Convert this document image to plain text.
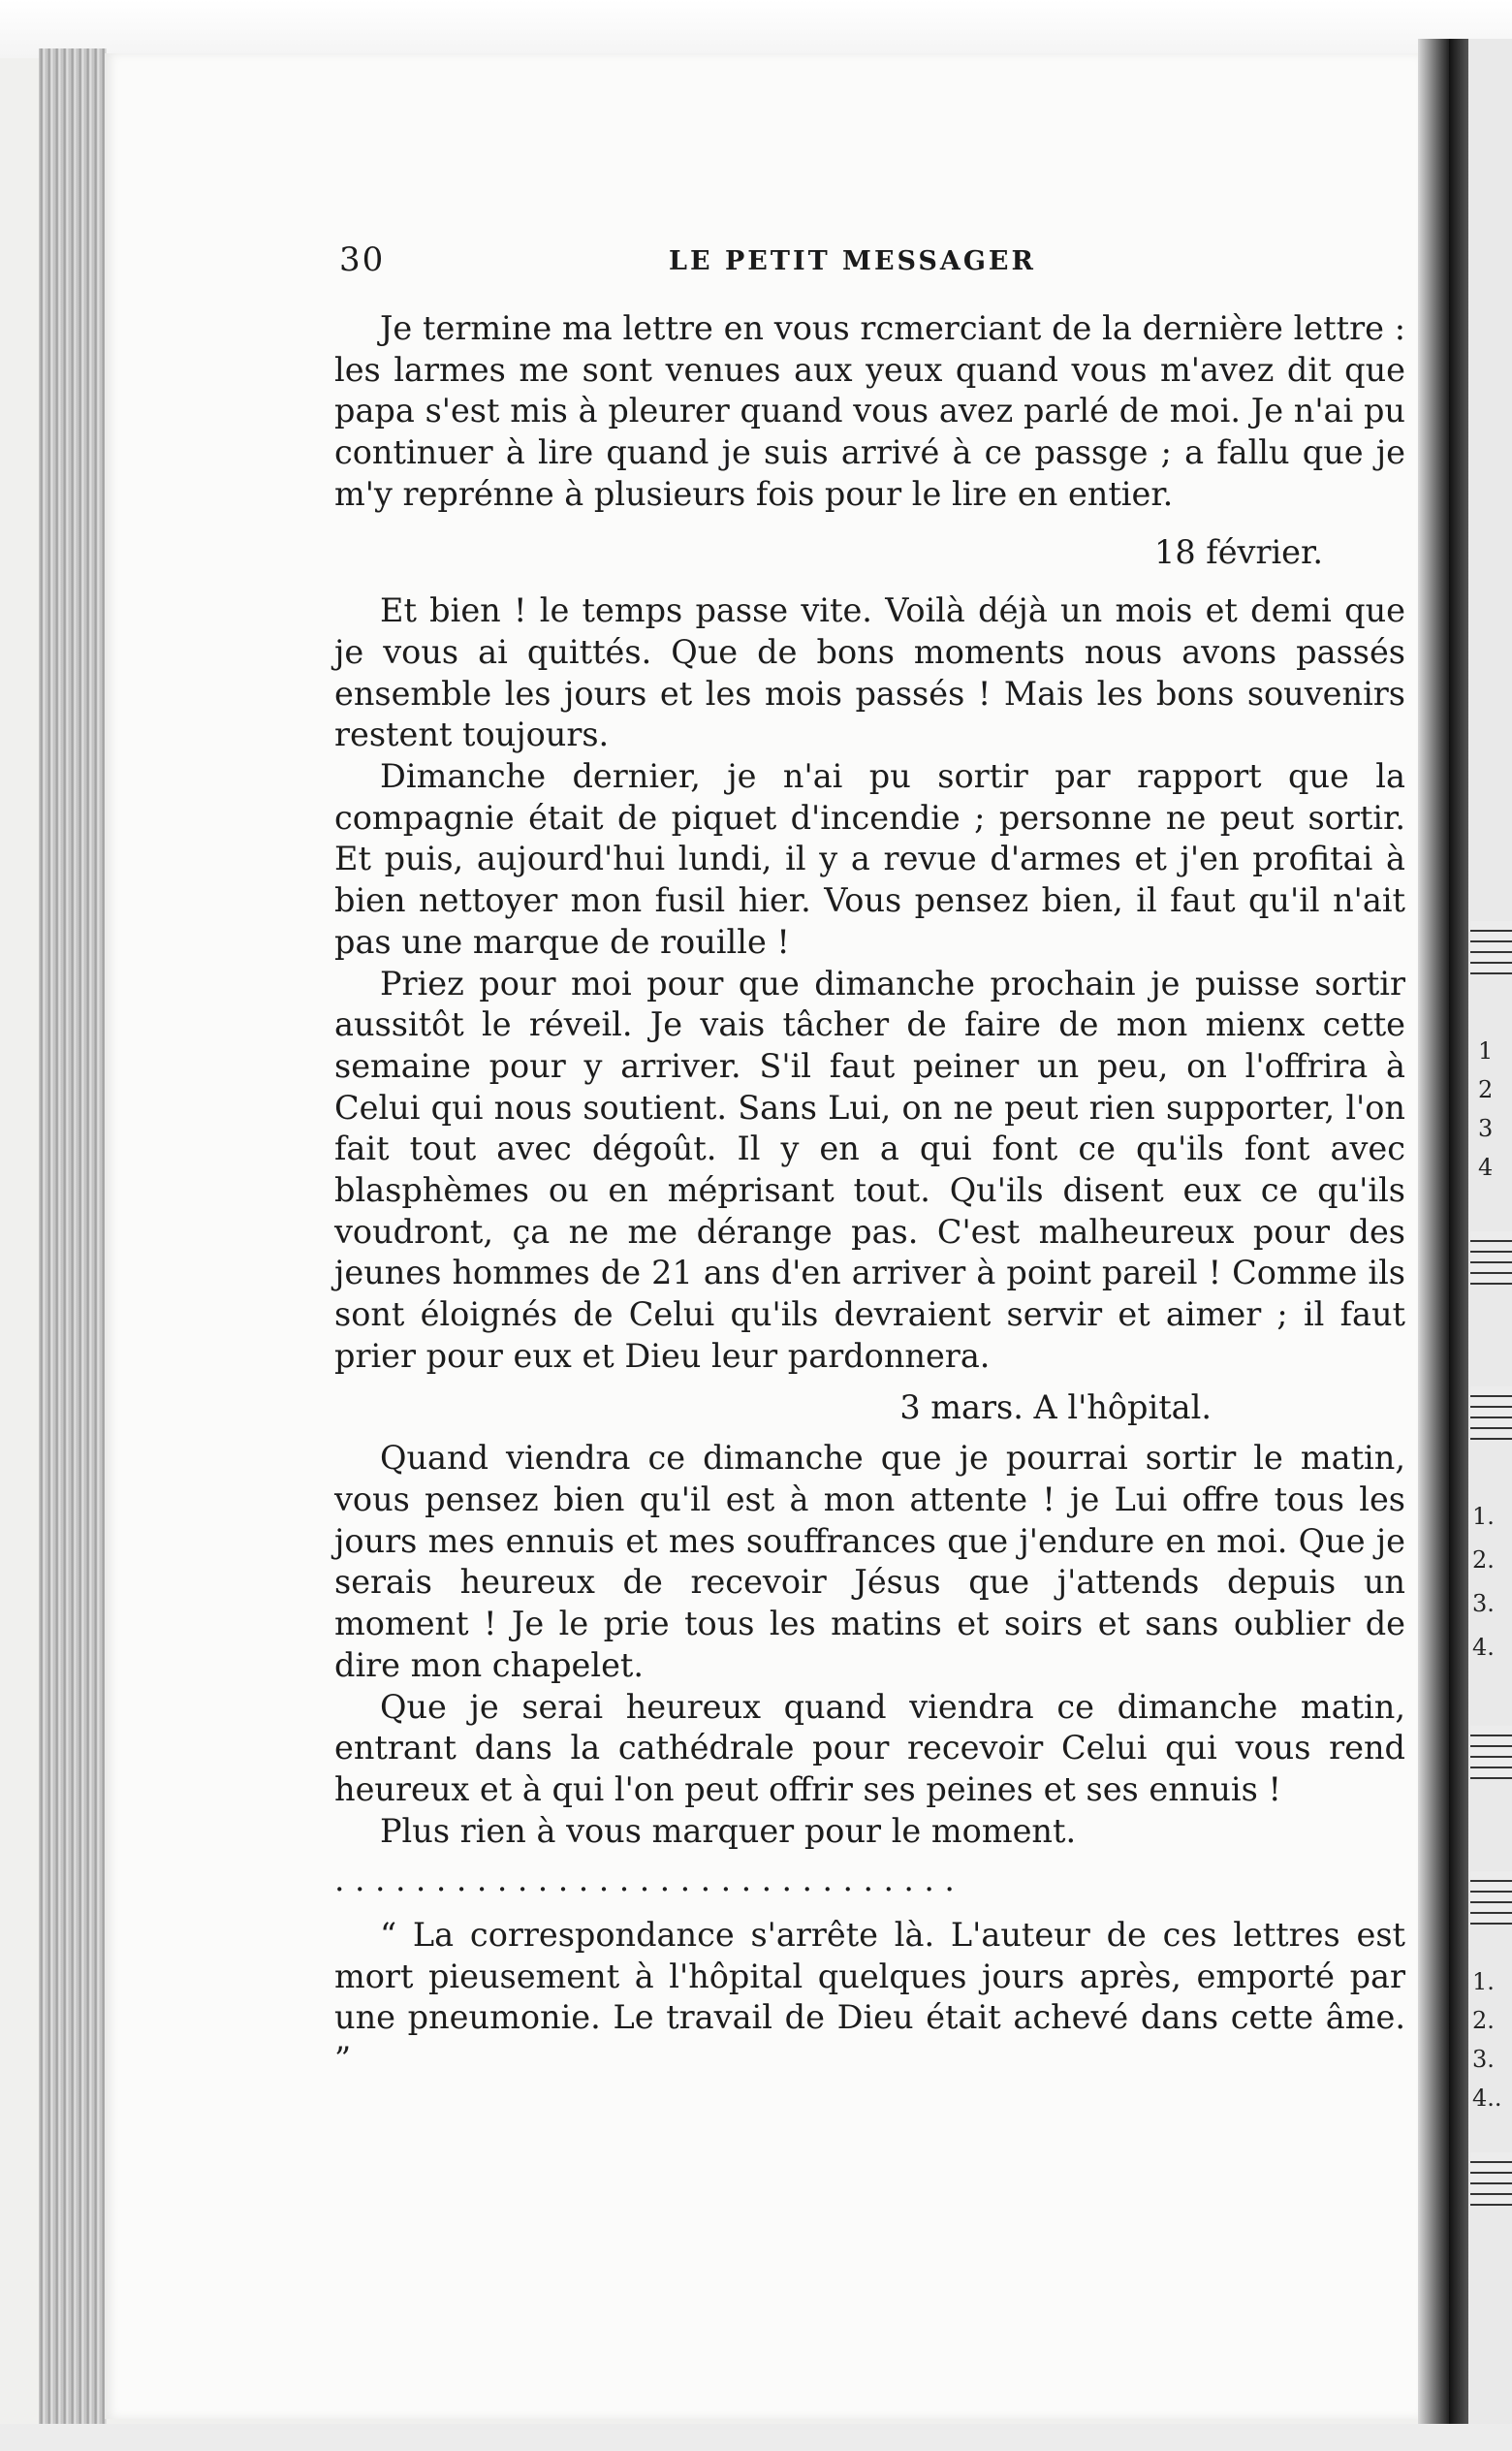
1
2
3
4
1.
2.
3.
4.
1.
2.
3.
4..
30	LE PETIT MESSAGER

Je termine ma lettre en vous rcmerciant de la dernière lettre : les larmes me sont venues aux yeux quand vous m'avez dit que papa s'est mis à pleurer quand vous avez parlé de moi. Je n'ai pu continuer à lire quand je suis arrivé à ce passge ; a fallu que je m'y reprénne à plusieurs fois pour le lire en entier.

18 février.

Et bien ! le temps passe vite. Voilà déjà un mois et demi que je vous ai quittés. Que de bons moments nous avons passés ensemble les jours et les mois passés ! Mais les bons souvenirs restent toujours.

Dimanche dernier, je n'ai pu sortir par rapport que la compagnie était de piquet d'incendie ; personne ne peut sortir. Et puis, aujourd'hui lundi, il y a revue d'armes et j'en profitai à bien nettoyer mon fusil hier. Vous pensez bien, il faut qu'il n'ait pas une marque de rouille !

Priez pour moi pour que dimanche prochain je puisse sortir aussitôt le réveil. Je vais tâcher de faire de mon mienx cette semaine pour y arriver. S'il faut peiner un peu, on l'offrira à Celui qui nous soutient. Sans Lui, on ne peut rien supporter, l'on fait tout avec dégoût. Il y en a qui font ce qu'ils font avec blasphèmes ou en méprisant tout. Qu'ils disent eux ce qu'ils voudront, ça ne me dérange pas. C'est malheureux pour des jeunes hommes de 21 ans d'en arriver à point pareil ! Comme ils sont éloignés de Celui qu'ils devraient servir et aimer ; il faut prier pour eux et Dieu leur pardonnera.

3 mars. A l'hôpital.

Quand viendra ce dimanche que je pourrai sortir le matin, vous pensez bien qu'il est à mon attente ! je Lui offre tous les jours mes ennuis et mes souffrances que j'endure en moi. Que je serais heureux de recevoir Jésus que j'attends depuis un moment ! Je le prie tous les matins et soirs et sans oublier de dire mon chapelet.

Que je serai heureux quand viendra ce dimanche matin, entrant dans la cathédrale pour recevoir Celui qui vous rend heureux et à qui l'on peut offrir ses peines et ses ennuis !

Plus rien à vous marquer pour le moment.

. . . . . . . . . . . . . . . . . . . . . . . . . . . . . . .

“ La correspondance s'arrête là. L'auteur de ces lettres est mort pieusement à l'hôpital quelques jours après, emporté par une pneumonie. Le travail de Dieu était achevé dans cette âme. ”
